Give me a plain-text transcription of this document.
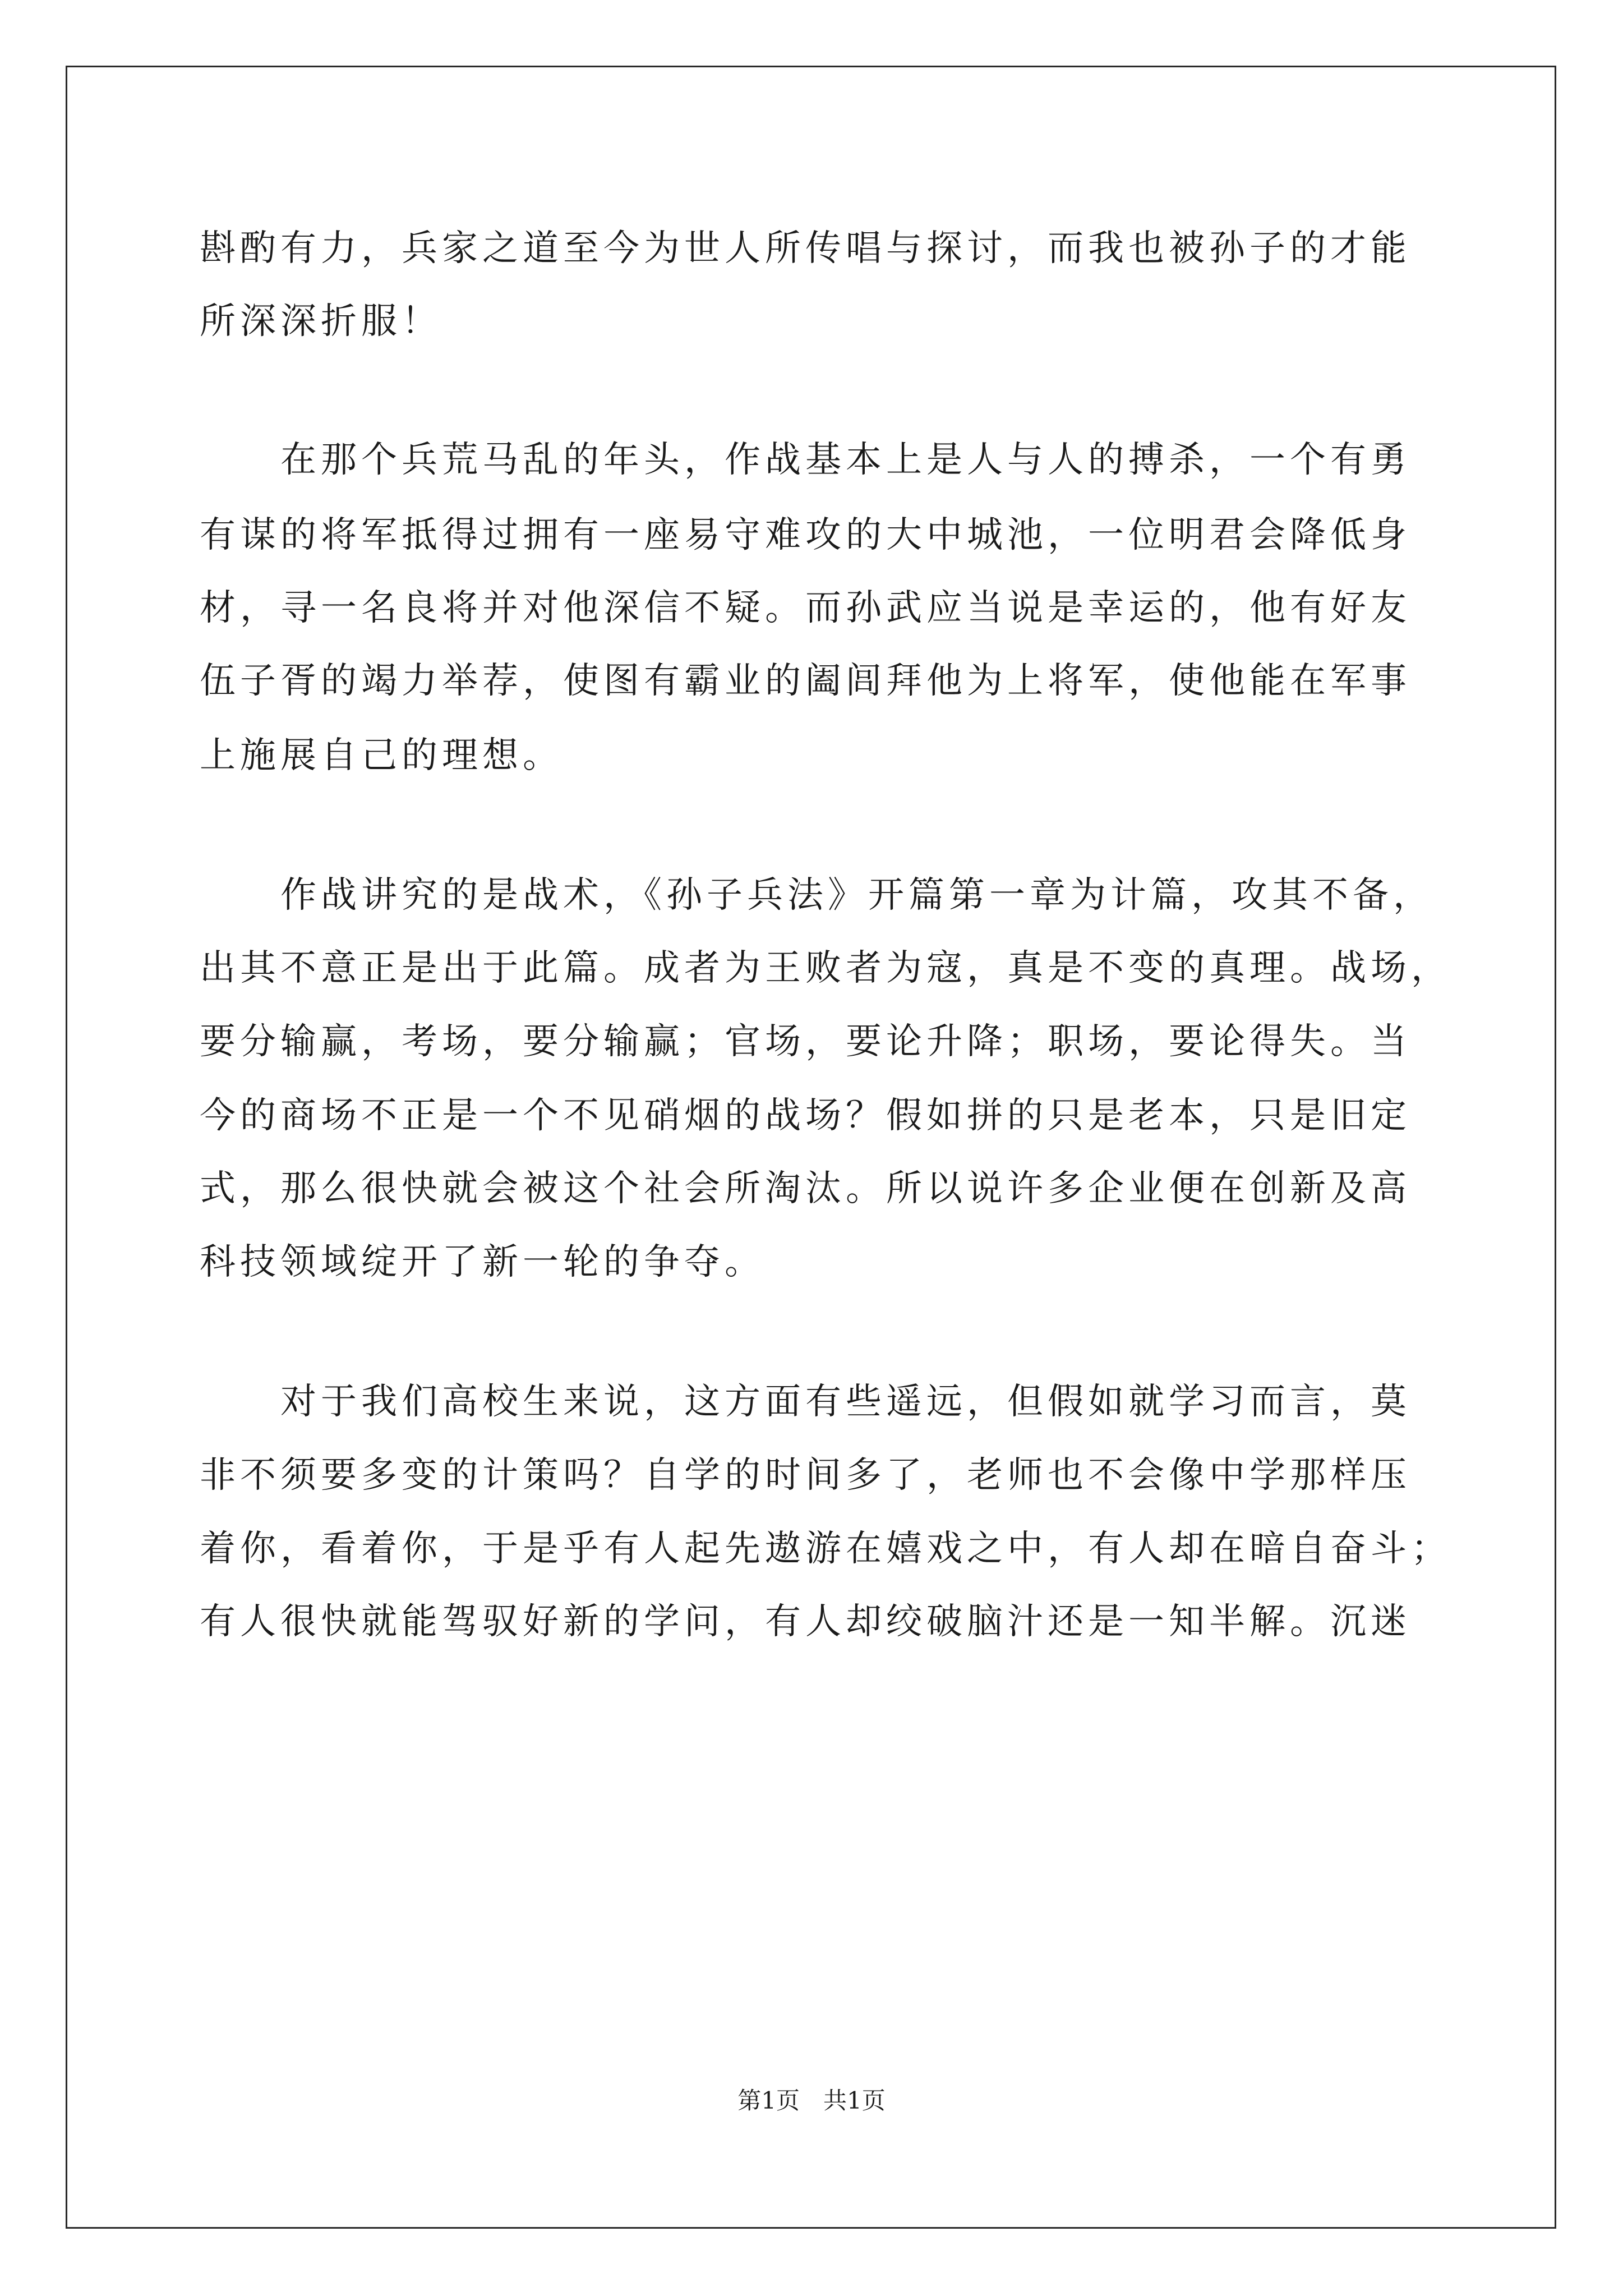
斟酌有力，兵家之道至今为世人所传唱与探讨，而我也被孙子的才能

所深深折服！

　　在那个兵荒马乱的年头，作战基本上是人与人的搏杀，一个有勇

有谋的将军抵得过拥有一座易守难攻的大中城池，一位明君会降低身

材，寻一名良将并对他深信不疑。而孙武应当说是幸运的，他有好友

伍子胥的竭力举荐，使图有霸业的阖闾拜他为上将军，使他能在军事

上施展自己的理想。

　　作战讲究的是战术，《孙子兵法》开篇第一章为计篇，攻其不备，

出其不意正是出于此篇。成者为王败者为寇，真是不变的真理。战场，

要分输赢，考场，要分输赢；官场，要论升降；职场，要论得失。当

今的商场不正是一个不见硝烟的战场？假如拼的只是老本，只是旧定

式，那么很快就会被这个社会所淘汰。所以说许多企业便在创新及高

科技领域绽开了新一轮的争夺。

　　对于我们高校生来说，这方面有些遥远，但假如就学习而言，莫

非不须要多变的计策吗？自学的时间多了，老师也不会像中学那样压

着你，看着你，于是乎有人起先遨游在嬉戏之中，有人却在暗自奋斗；

有人很快就能驾驭好新的学问，有人却绞破脑汁还是一知半解。沉迷

第1页　共1页
